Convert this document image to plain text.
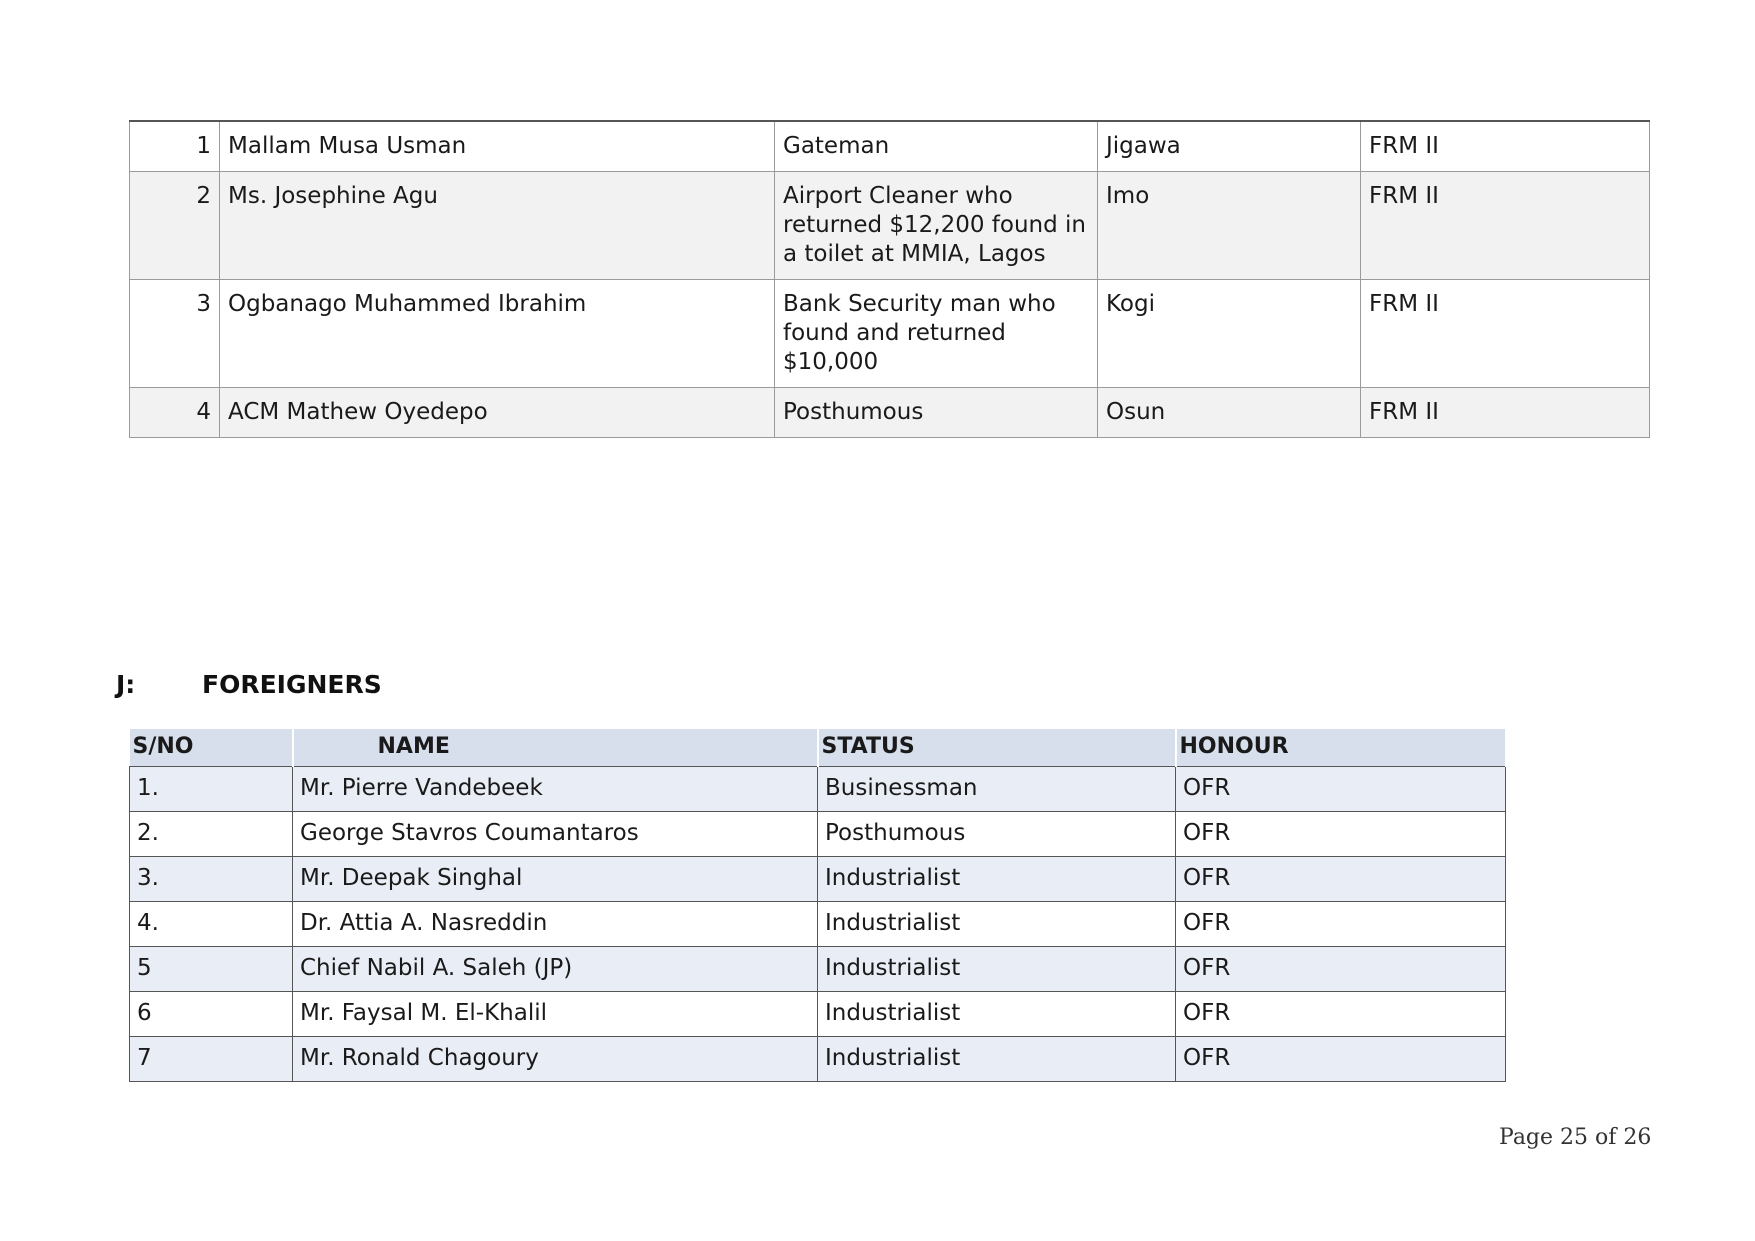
1	Mallam Musa Usman	Gateman	Jigawa	FRM II
2	Ms. Josephine Agu	Airport Cleaner who returned $12,200 found in a toilet at MMIA, Lagos	Imo	FRM II
3	Ogbanago Muhammed Ibrahim	Bank Security man who found and returned $10,000	Kogi	FRM II
4	ACM Mathew Oyedepo	Posthumous	Osun	FRM II
J:	FOREIGNERS
S/NO	NAME	STATUS	HONOUR
1.	Mr. Pierre Vandebeek	Businessman	OFR
2.	George Stavros Coumantaros	Posthumous	OFR
3.	Mr. Deepak Singhal	Industrialist	OFR
4.	Dr. Attia A. Nasreddin	Industrialist	OFR
5	Chief Nabil A. Saleh (JP)	Industrialist	OFR
6	Mr. Faysal M. El-Khalil	Industrialist	OFR
7	Mr. Ronald Chagoury	Industrialist	OFR
Page 25 of 26
